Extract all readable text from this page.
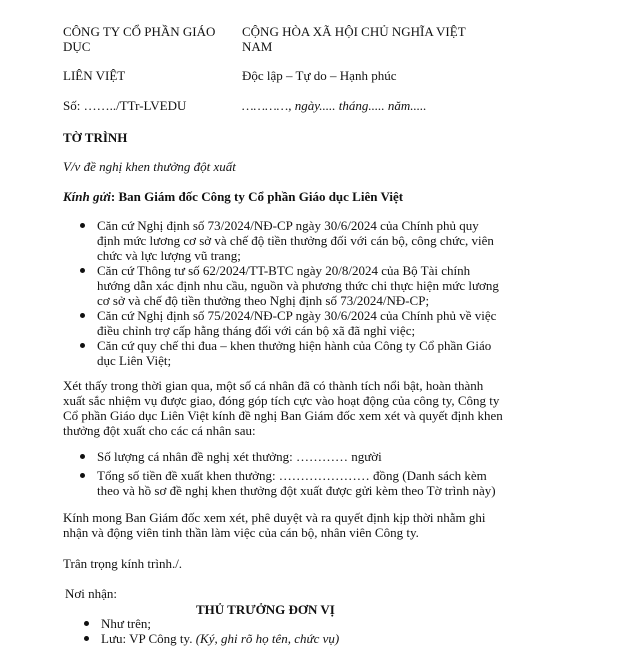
CÔNG TY CỔ PHẦN GIÁO
DỤC
LIÊN VIỆT
Số: ……../TTr-LVEDU
CỘNG HÒA XÃ HỘI CHỦ NGHĨA VIỆT
NAM
Độc lập – Tự do – Hạnh phúc
…………, ngày..... tháng..... năm.....
TỜ TRÌNH
V/v đề nghị khen thưởng đột xuất
Kính gửi: Ban Giám đốc Công ty Cổ phần Giáo dục Liên Việt
Căn cứ Nghị định số 73/2024/NĐ-CP ngày 30/6/2024 của Chính phủ quy
định mức lương cơ sở và chế độ tiền thưởng đối với cán bộ, công chức, viên
chức và lực lượng vũ trang;
Căn cứ Thông tư số 62/2024/TT-BTC ngày 20/8/2024 của Bộ Tài chính
hướng dẫn xác định nhu cầu, nguồn và phương thức chi thực hiện mức lương
cơ sở và chế độ tiền thưởng theo Nghị định số 73/2024/NĐ-CP;
Căn cứ Nghị định số 75/2024/NĐ-CP ngày 30/6/2024 của Chính phủ về việc
điều chỉnh trợ cấp hằng tháng đối với cán bộ xã đã nghỉ việc;
Căn cứ quy chế thi đua – khen thưởng hiện hành của Công ty Cổ phần Giáo
dục Liên Việt;
Xét thấy trong thời gian qua, một số cá nhân đã có thành tích nổi bật, hoàn thành
xuất sắc nhiệm vụ được giao, đóng góp tích cực vào hoạt động của công ty, Công ty
Cổ phần Giáo dục Liên Việt kính đề nghị Ban Giám đốc xem xét và quyết định khen
thưởng đột xuất cho các cá nhân sau:
Số lượng cá nhân đề nghị xét thưởng: ………… người
Tổng số tiền đề xuất khen thưởng: ………………… đồng (Danh sách kèm
theo và hồ sơ đề nghị khen thưởng đột xuất được gửi kèm theo Tờ trình này)
Kính mong Ban Giám đốc xem xét, phê duyệt và ra quyết định kịp thời nhằm ghi
nhận và động viên tinh thần làm việc của cán bộ, nhân viên Công ty.
Trân trọng kính trình./.
Nơi nhận:
THỦ TRƯỞNG ĐƠN VỊ
Như trên;
Lưu: VP Công ty. (Ký, ghi rõ họ tên, chức vụ)
